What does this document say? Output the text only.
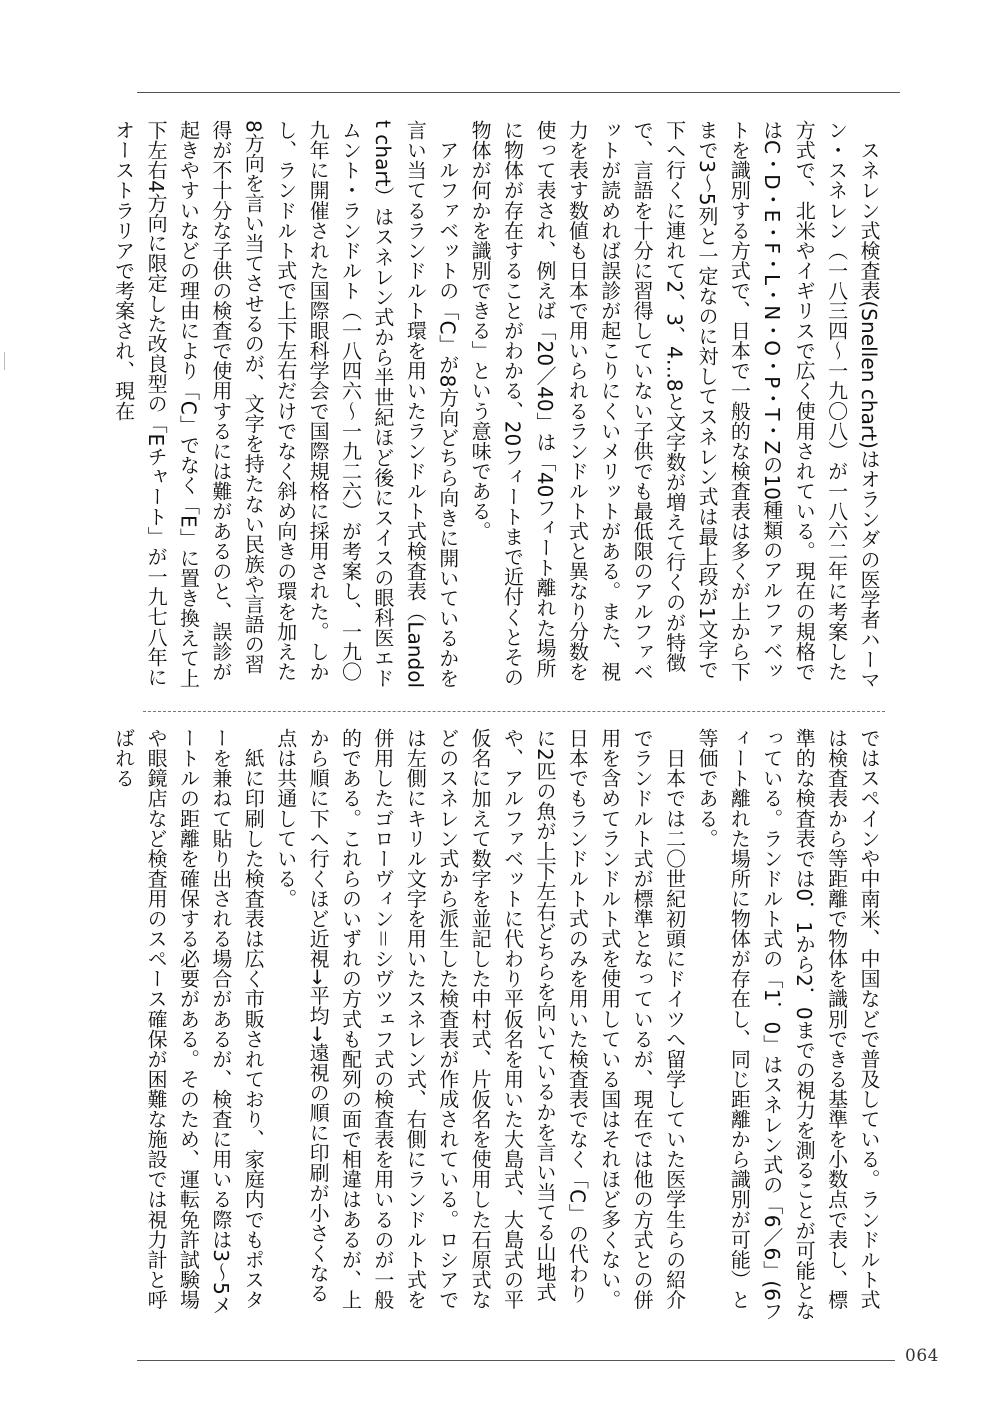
　スネレン式検査表(Snellen chart)はオランダの医学者ハーマン・スネレン（一八三四〜一九〇八）が一八六二年に考案した方式で、北米やイギリスで広く使用されている。現在の規格ではC・D・E・F・L・N・O・P・T・Zの10種類のアルファベットを識別する方式で、日本で一般的な検査表は多くが上から下まで3〜5列と一定なのに対してスネレン式は最上段が1文字で下へ行くに連れて2、3、4…8と文字数が増えて行くのが特徴で、言語を十分に習得していない子供でも最低限のアルファベットが読めれば誤診が起こりにくいメリットがある。また、視力を表す数値も日本で用いられるランドルト式と異なり分数を使って表され、例えば「20／40」は「40フィート離れた場所に物体が存在することがわかる、20フィートまで近付くとその物体が何かを識別できる」という意味である。

　アルファベットの「C」が8方向どちら向きに開いているかを言い当てるランドルト環を用いたランドルト式検査表（Landolt chart）はスネレン式から半世紀ほど後にスイスの眼科医エドムント・ランドルト（一八四六〜一九二六）が考案し、一九〇九年に開催された国際眼科学会で国際規格に採用された。しかし、ランドルト式で上下左右だけでなく斜め向きの環を加えた8方向を言い当てさせるのが、文字を持たない民族や言語の習得が不十分な子供の検査で使用するには難があるのと、誤診が起きやすいなどの理由により「C」でなく「E」に置き換えて上下左右4方向に限定した改良型の「Eチャート」が一九七八年にオーストラリアで考案され、現在

ではスペインや中南米、中国などで普及している。ランドルト式は検査表から等距離で物体を識別できる基準を小数点で表し、標準的な検査表では0．1から2．0までの視力を測ることが可能となっている。ランドルト式の「1．0」はスネレン式の「6／6」(6フィート離れた場所に物体が存在し、同じ距離から識別が可能）と等価である。

　日本では二〇世紀初頭にドイツへ留学していた医学生らの紹介でランドルト式が標準となっているが、現在では他の方式との併用を含めてランドルト式を使用している国はそれほど多くない。日本でもランドルト式のみを用いた検査表でなく「C」の代わりに2匹の魚が上下左右どちらを向いているかを言い当てる山地式や、アルファベットに代わり平仮名を用いた大島式、大島式の平仮名に加えて数字を並記した中村式、片仮名を使用した石原式などのスネレン式から派生した検査表が作成されている。ロシアでは左側にキリル文字を用いたスネレン式、右側にランドルト式を併用したゴローヴィン＝シヴツェフ式の検査表を用いるのが一般的である。これらのいずれの方式も配列の面で相違はあるが、上から順に下へ行くほど近視→平均→遠視の順に印刷が小さくなる点は共通している。

　紙に印刷した検査表は広く市販されており、家庭内でもポスターを兼ねて貼り出される場合があるが、検査に用いる際は3〜5メートルの距離を確保する必要がある。そのため、運転免許試験場や眼鏡店など検査用のスペース確保が困難な施設では視力計と呼ばれる

064
